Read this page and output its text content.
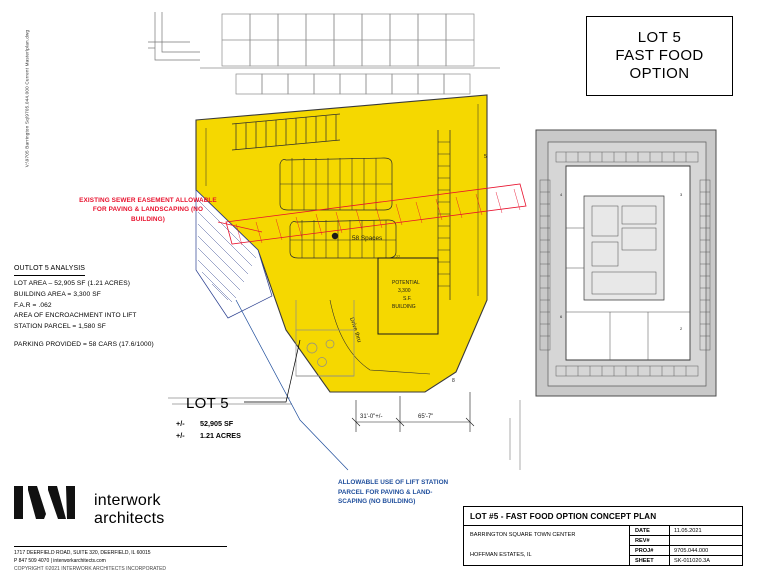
V:\9705 Barrington Sq\9705.044.000 Current Master\plan.dwg
4
6
3
2
58 Spaces
27
POTENTIAL
3,300
S.F.
BUILDING
5
8
Drive thru
31'-0"+/-	65'-7"
LOT 5
FAST FOOD
OPTION
EXISTING SEWER EASEMENT ALLOWABLE FOR PAVING & LANDSCAPING (NO BUILDING)
OUTLOT 5 ANALYSIS
LOT AREA – 52,905 SF (1.21 ACRES)
BUILDING AREA = 3,300 SF
F.A.R = .062
AREA OF ENCROACHMENT INTO LIFT
STATION PARCEL = 1,580 SF
PARKING PROVIDED = 58 CARS (17.6/1000)
LOT 5
+/- 52,905 SF
+/- 1.21 ACRES
ALLOWABLE USE OF LIFT STATION PARCEL FOR PAVING & LAND- SCAPING (NO BUILDING)
interwork
architects
1717 DEERFIELD ROAD, SUITE 320, DEERFIELD, IL 60015
P 847 509 4070 | interworkarchitects.com
COPYRIGHT ©2021 INTERWORK ARCHITECTS INCORPORATED
LOT #5 - FAST FOOD OPTION CONCEPT PLAN
BARRINGTON SQUARE TOWN CENTER
HOFFMAN ESTATES, IL
DATE	11.05.2021
REV#
PROJ#	9705.044.000
SHEET	SK-011020.3A
